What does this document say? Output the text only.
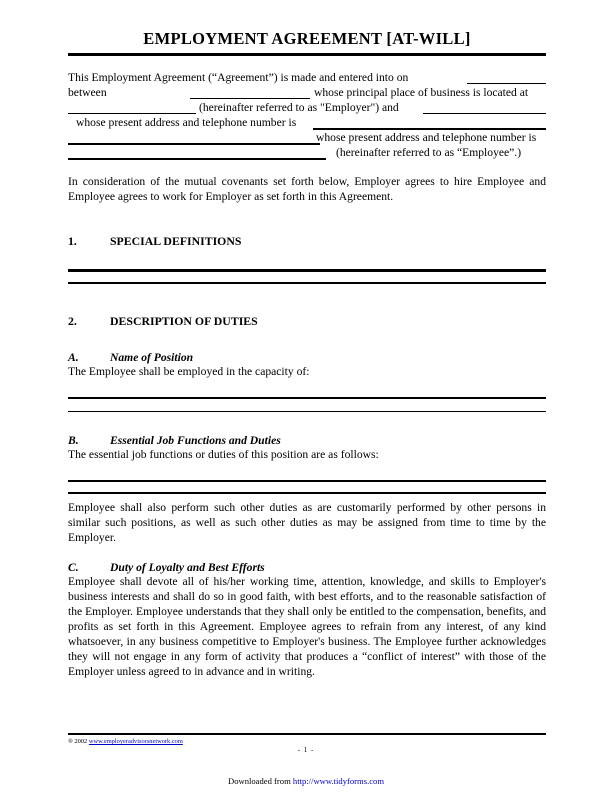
EMPLOYMENT AGREEMENT [AT-WILL]
This Employment Agreement (“Agreement”) is made and entered into on
between	whose principal place of business is located at
(hereinafter referred to as "Employer") and
whose present address and telephone number is
whose present address and telephone number is
(hereinafter referred to as “Employee”.)

In consideration of the mutual covenants set forth below, Employer agrees to hire Employee and Employee agrees to work for Employer as set forth in this Agreement.

1.	SPECIAL DEFINITIONS
2.	DESCRIPTION OF DUTIES
A.	Name of Position

The Employee shall be employed in the capacity of:

B.	Essential Job Functions and Duties

The essential job functions or duties of this position are as follows:

Employee shall also perform such other duties as are customarily performed by other persons in similar such positions, as well as such other duties as may be assigned from time to time by the Employer.

C.	Duty of Loyalty and Best Efforts

Employee shall devote all of his/her working time, attention, knowledge, and skills to Employer's business interests and shall do so in good faith, with best efforts, and to the reasonable satisfaction of the Employer. Employee understands that they shall only be entitled to the compensation, benefits, and profits as set forth in this Agreement. Employee agrees to refrain from any interest, of any kind whatsoever, in any business competitive to Employer's business. The Employee further acknowledges they will not engage in any form of activity that produces a “conflict of interest” with those of the Employer unless agreed to in advance and in writing.

® 2002 www.employeradvisorsnetwork.com
- 1 -
Downloaded from http://www.tidyforms.com
